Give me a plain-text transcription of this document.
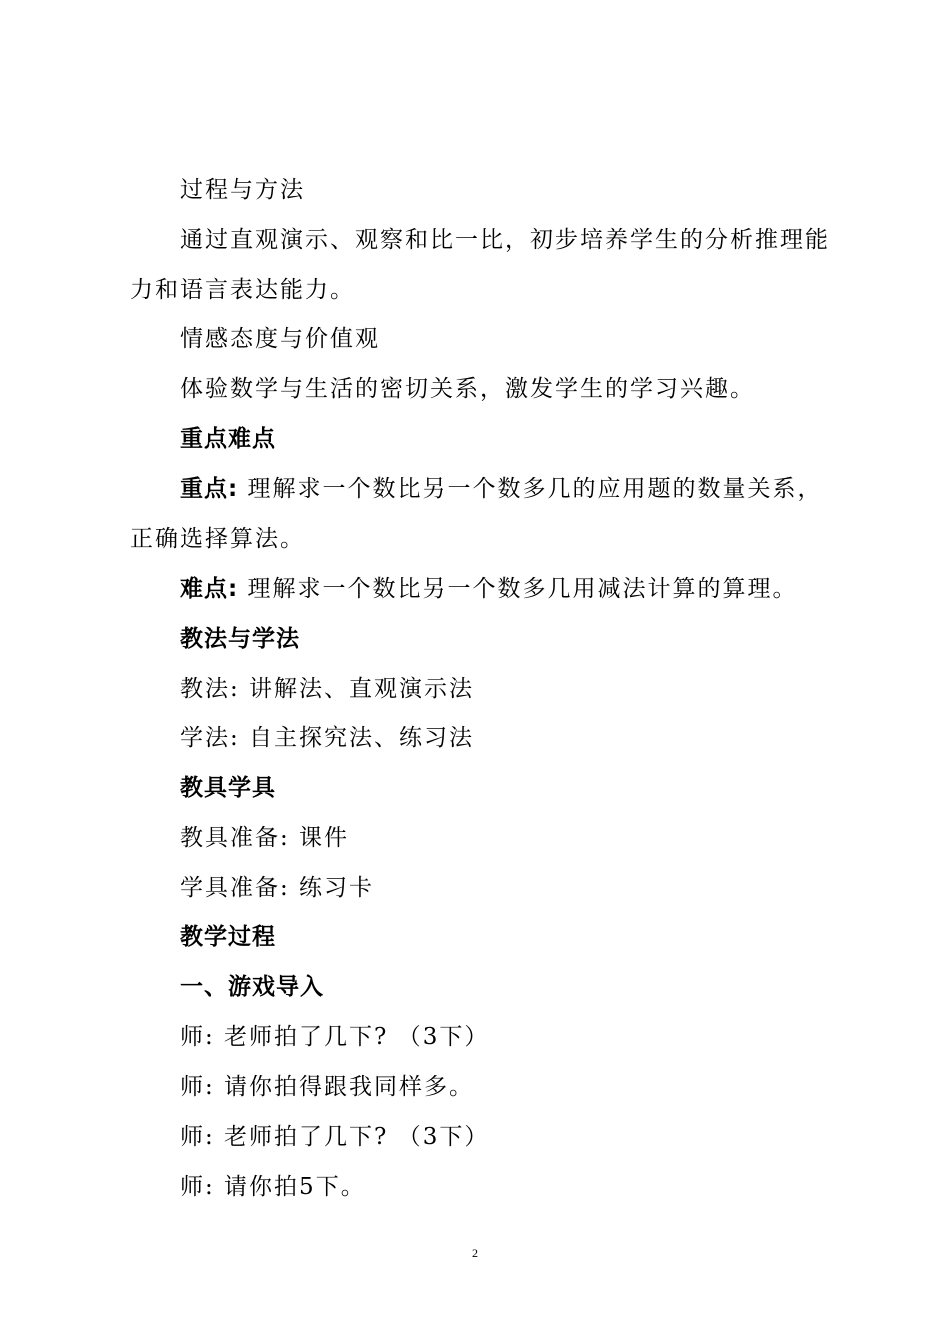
过程与方法
通过直观演示、观察和比一比，初步培养学生的分析推理能
力和语言表达能力。
情感态度与价值观
体验数学与生活的密切关系，激发学生的学习兴趣。
重点难点
重点: 理解求一个数比另一个数多几的应用题的数量关系，
正确选择算法。
难点: 理解求一个数比另一个数多几用减法计算的算理。
教法与学法
教法: 讲解法、直观演示法
学法: 自主探究法、练习法
教具学具
教具准备: 课件
学具准备: 练习卡
教学过程
一、游戏导入
师: 老师拍了几下? （3下）
师: 请你拍得跟我同样多。
师: 老师拍了几下? （3下）
师: 请你拍5下。
2
